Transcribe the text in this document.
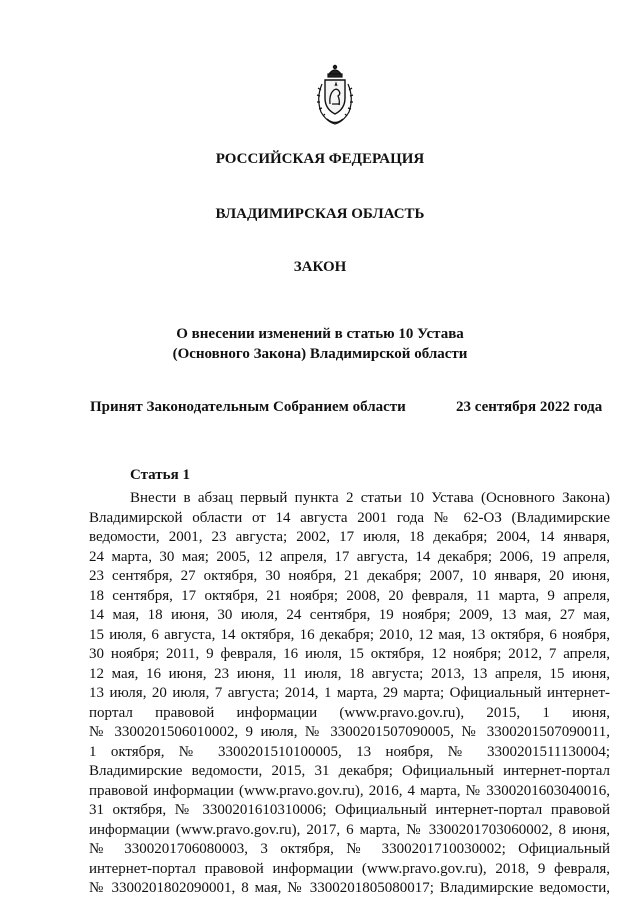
РОССИЙСКАЯ ФЕДЕРАЦИЯ
ВЛАДИМИРСКАЯ ОБЛАСТЬ
ЗАКОН
О внесении изменений в статью 10 Устава
(Основного Закона) Владимирской области
Принят Законодательным Собранием области	23 сентября 2022 года
Статья 1
Внести в абзац первый пункта 2 статьи 10 Устава (Основного Закона)
Владимирской области от 14 августа 2001 года № 62-ОЗ (Владимирские
ведомости, 2001, 23 августа; 2002, 17 июля, 18 декабря; 2004, 14 января,
24 марта, 30 мая; 2005, 12 апреля, 17 августа, 14 декабря; 2006, 19 апреля,
23 сентября, 27 октября, 30 ноября, 21 декабря; 2007, 10 января, 20 июня,
18 сентября, 17 октября, 21 ноября; 2008, 20 февраля, 11 марта, 9 апреля,
14 мая, 18 июня, 30 июля, 24 сентября, 19 ноября; 2009, 13 мая, 27 мая,
15 июля, 6 августа, 14 октября, 16 декабря; 2010, 12 мая, 13 октября, 6 ноября,
30 ноября; 2011, 9 февраля, 16 июля, 15 октября, 12 ноября; 2012, 7 апреля,
12 мая, 16 июня, 23 июня, 11 июля, 18 августа; 2013, 13 апреля, 15 июня,
13 июля, 20 июля, 7 августа; 2014, 1 марта, 29 марта; Официальный интернет-
портал правовой информации (www.pravo.gov.ru), 2015, 1 июня,
№ 3300201506010002, 9 июля, № 3300201507090005, № 3300201507090011,
1 октября, № 3300201510100005, 13 ноября, № 3300201511130004;
Владимирские ведомости, 2015, 31 декабря; Официальный интернет-портал
правовой информации (www.pravo.gov.ru), 2016, 4 марта, № 3300201603040016,
31 октября, № 3300201610310006; Официальный интернет-портал правовой
информации (www.pravo.gov.ru), 2017, 6 марта, № 3300201703060002, 8 июня,
№ 3300201706080003, 3 октября, № 3300201710030002; Официальный
интернет-портал правовой информации (www.pravo.gov.ru), 2018, 9 февраля,
№ 3300201802090001, 8 мая, № 3300201805080017; Владимирские ведомости,
